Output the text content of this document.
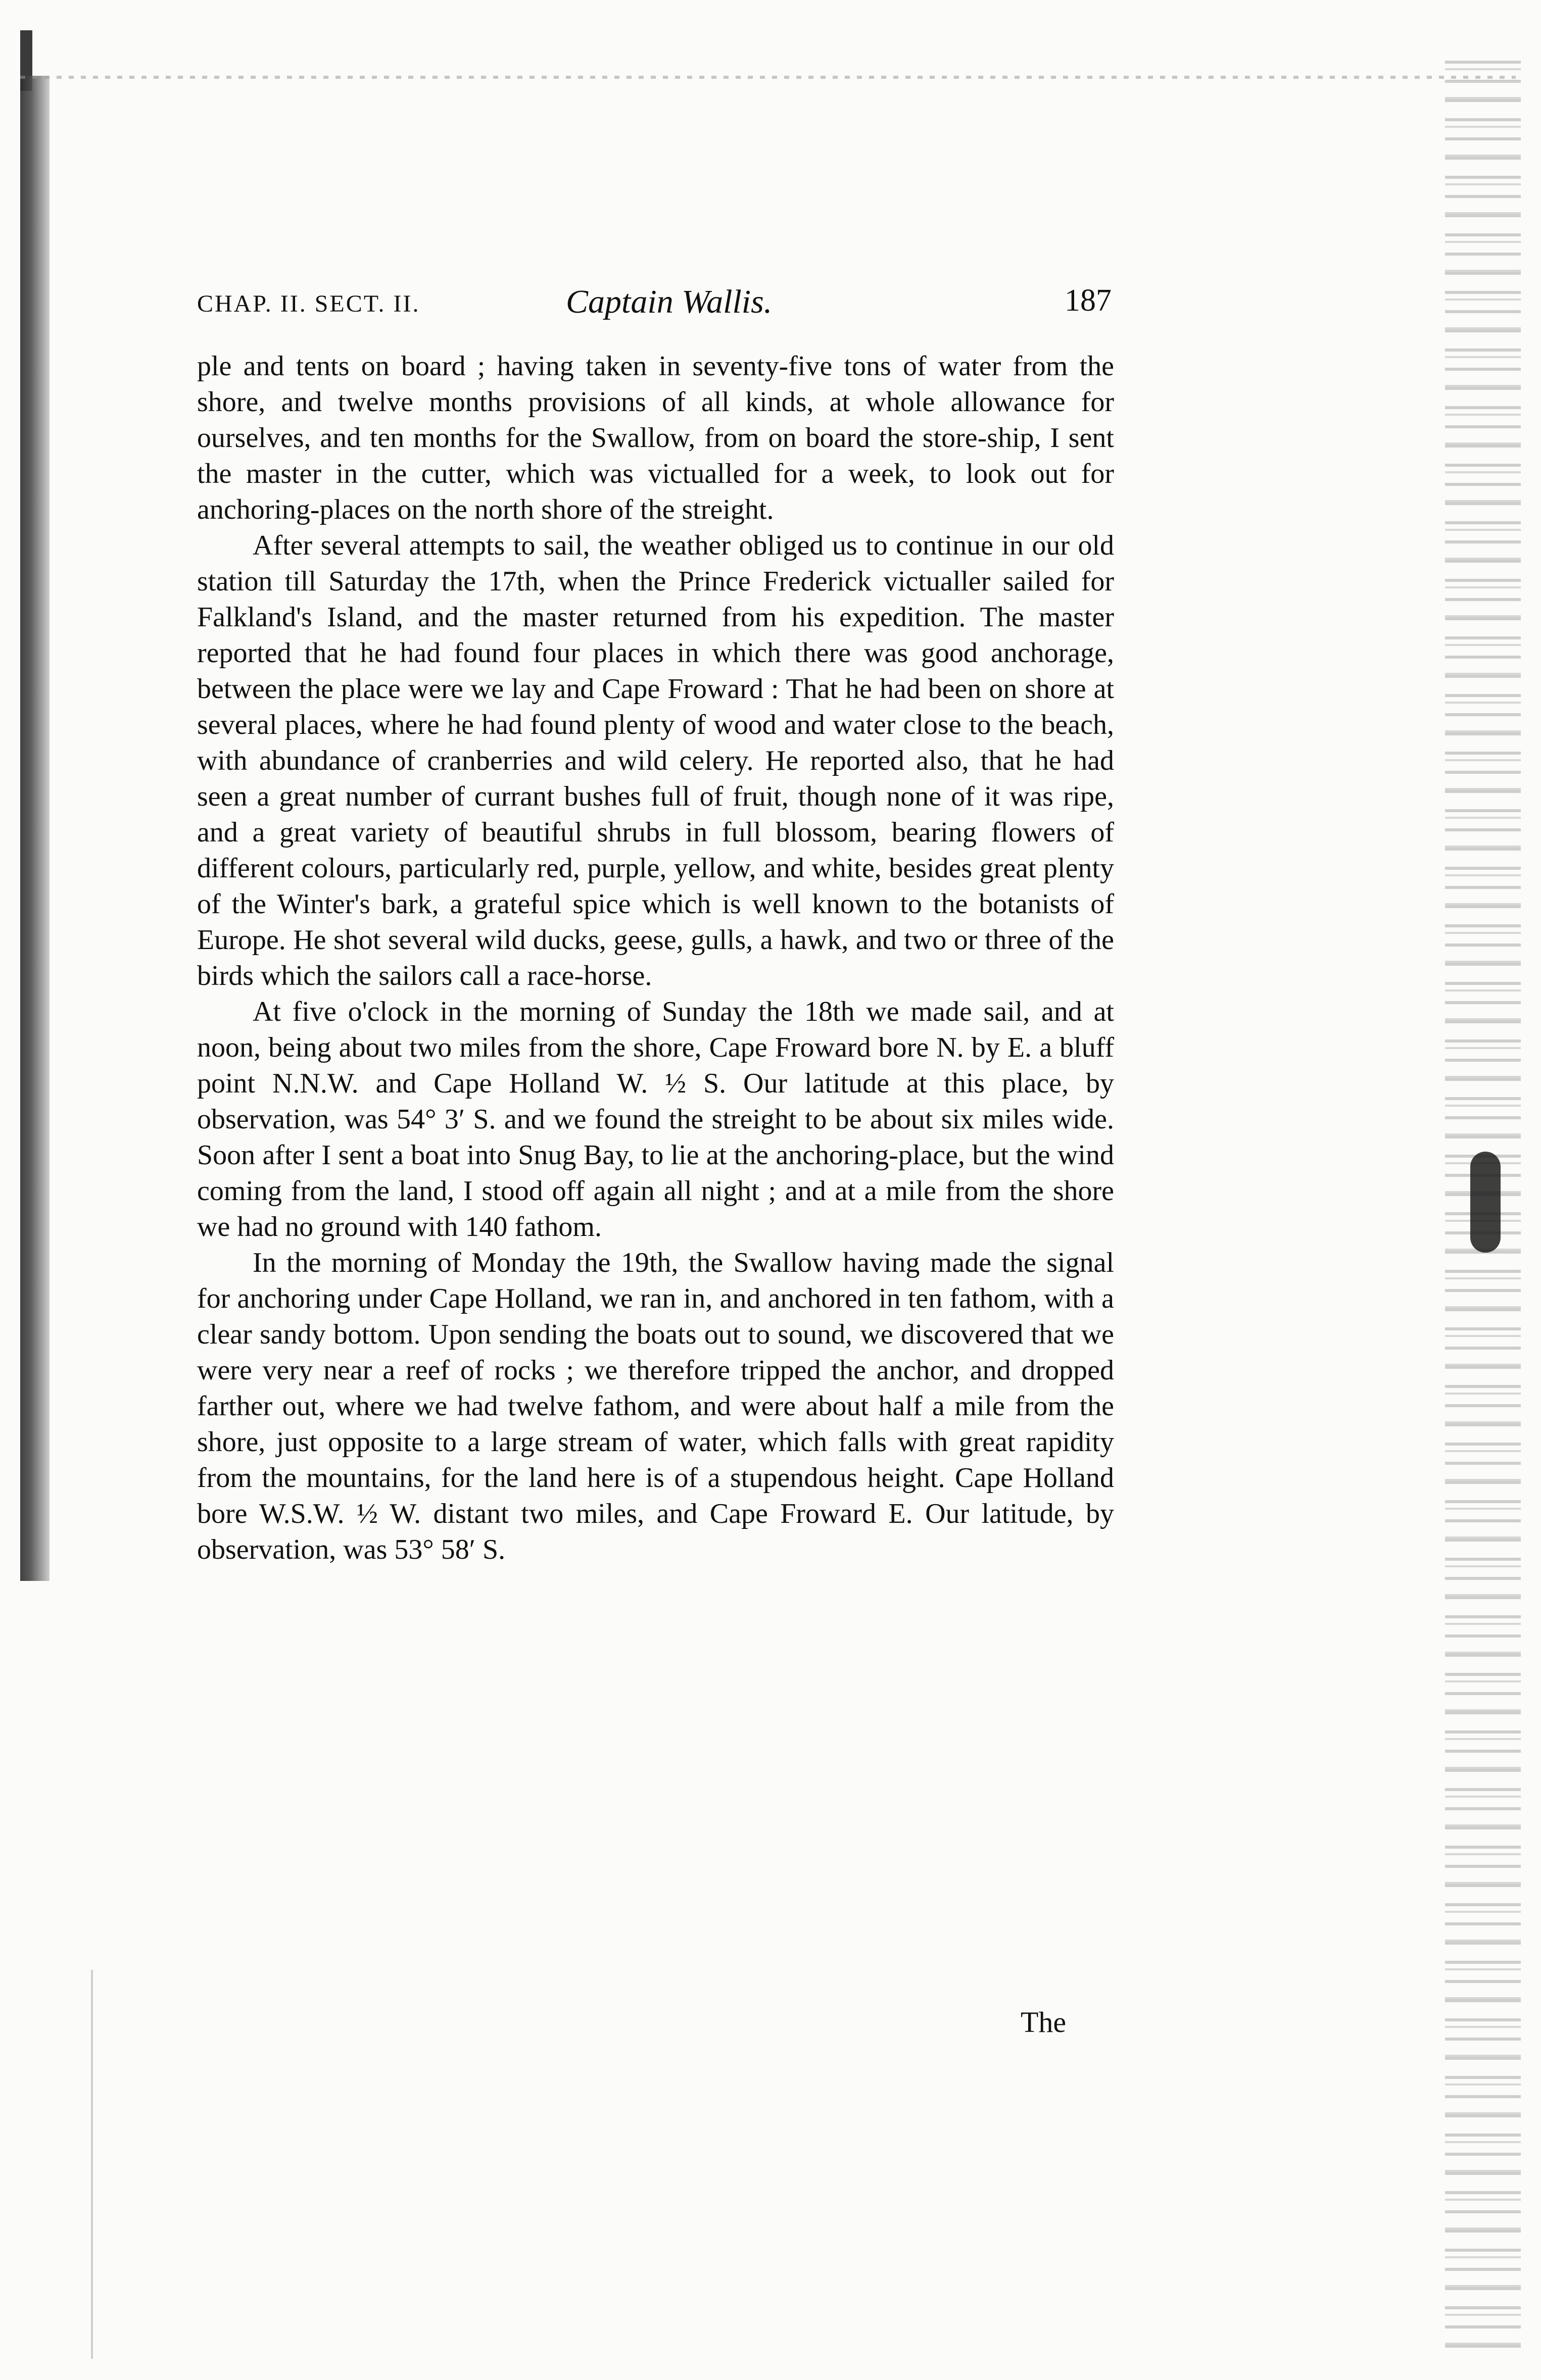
CHAP. II. SECT. II.	Captain Wallis.	187

ple and tents on board ; having taken in seventy-five tons of water from the shore, and twelve months provisions of all kinds, at whole allowance for ourselves, and ten months for the Swallow, from on board the store-ship, I sent the master in the cutter, which was victualled for a week, to look out for anchoring-places on the north shore of the streight.

After several attempts to sail, the weather obliged us to continue in our old station till Saturday the 17th, when the Prince Frederick victualler sailed for Falkland's Island, and the master returned from his expedition. The master reported that he had found four places in which there was good anchorage, between the place were we lay and Cape Froward : That he had been on shore at several places, where he had found plenty of wood and water close to the beach, with abundance of cranberries and wild celery. He reported also, that he had seen a great number of currant bushes full of fruit, though none of it was ripe, and a great variety of beautiful shrubs in full blossom, bearing flowers of different colours, particularly red, purple, yellow, and white, besides great plenty of the Winter's bark, a grateful spice which is well known to the botanists of Europe. He shot several wild ducks, geese, gulls, a hawk, and two or three of the birds which the sailors call a race-horse.

At five o'clock in the morning of Sunday the 18th we made sail, and at noon, being about two miles from the shore, Cape Froward bore N. by E. a bluff point N.N.W. and Cape Holland W. ½ S. Our latitude at this place, by observation, was 54° 3′ S. and we found the streight to be about six miles wide. Soon after I sent a boat into Snug Bay, to lie at the anchoring-place, but the wind coming from the land, I stood off again all night ; and at a mile from the shore we had no ground with 140 fathom.

In the morning of Monday the 19th, the Swallow having made the signal for anchoring under Cape Holland, we ran in, and anchored in ten fathom, with a clear sandy bottom. Upon sending the boats out to sound, we discovered that we were very near a reef of rocks ; we therefore tripped the anchor, and dropped farther out, where we had twelve fathom, and were about half a mile from the shore, just opposite to a large stream of water, which falls with great rapidity from the mountains, for the land here is of a stupendous height. Cape Holland bore W.S.W. ½ W. distant two miles, and Cape Froward E. Our latitude, by observation, was 53° 58′ S.

The
